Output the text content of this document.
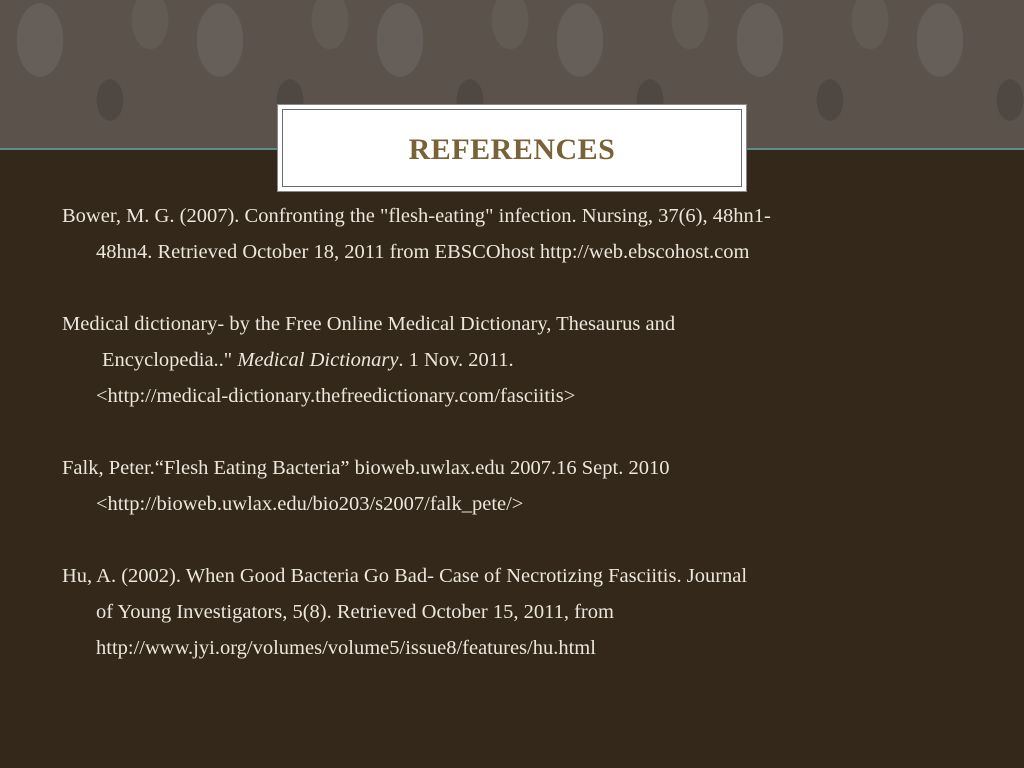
REFERENCES
Bower, M. G. (2007). Confronting the "flesh-eating" infection. Nursing, 37(6), 48hn1-
48hn4. Retrieved October 18, 2011 from EBSCOhost http://web.ebscohost.com
Medical dictionary- by the Free Online Medical Dictionary, Thesaurus and
Encyclopedia.." Medical Dictionary. 1 Nov. 2011.
<http://medical-dictionary.thefreedictionary.com/fasciitis>
Falk, Peter.“Flesh Eating Bacteria” bioweb.uwlax.edu 2007.16 Sept. 2010
<http://bioweb.uwlax.edu/bio203/s2007/falk_pete/>
Hu, A. (2002). When Good Bacteria Go Bad- Case of Necrotizing Fasciitis. Journal
of Young Investigators, 5(8). Retrieved October 15, 2011, from
http://www.jyi.org/volumes/volume5/issue8/features/hu.html
